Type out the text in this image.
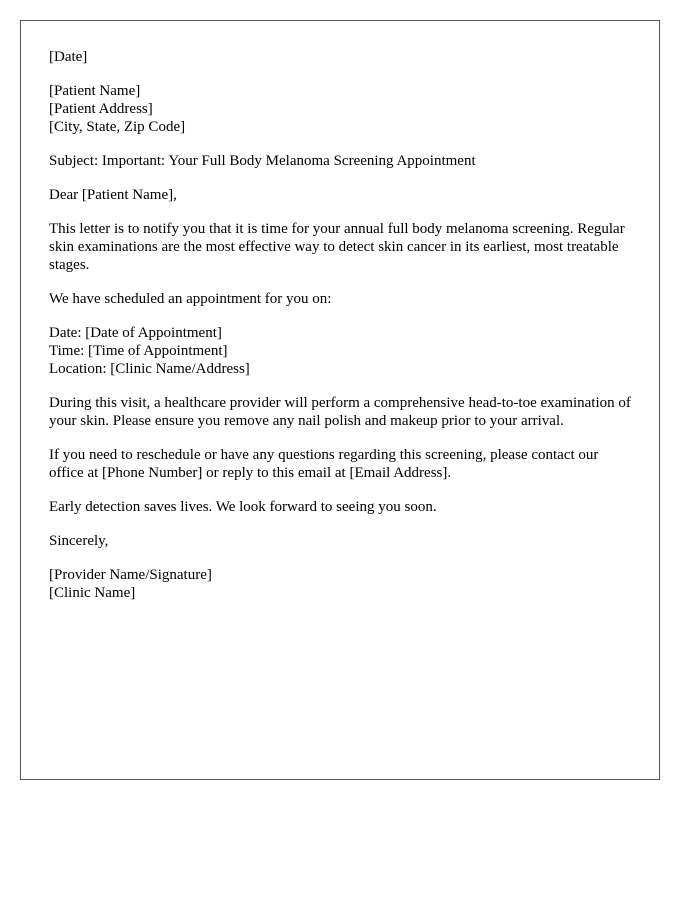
[Date]
[Patient Name]
[Patient Address]
[City, State, Zip Code]
Subject: Important: Your Full Body Melanoma Screening Appointment
Dear [Patient Name],

This letter is to notify you that it is time for your annual full body melanoma screening. Regular skin examinations are the most effective way to detect skin cancer in its earliest, most treatable stages.

We have scheduled an appointment for you on:

Date: [Date of Appointment]
Time: [Time of Appointment]
Location: [Clinic Name/Address]

During this visit, a healthcare provider will perform a comprehensive head-to-toe examination of your skin. Please ensure you remove any nail polish and makeup prior to your arrival.

If you need to reschedule or have any questions regarding this screening, please contact our office at [Phone Number] or reply to this email at [Email Address].

Early detection saves lives. We look forward to seeing you soon.

Sincerely,
[Provider Name/Signature]
[Clinic Name]
